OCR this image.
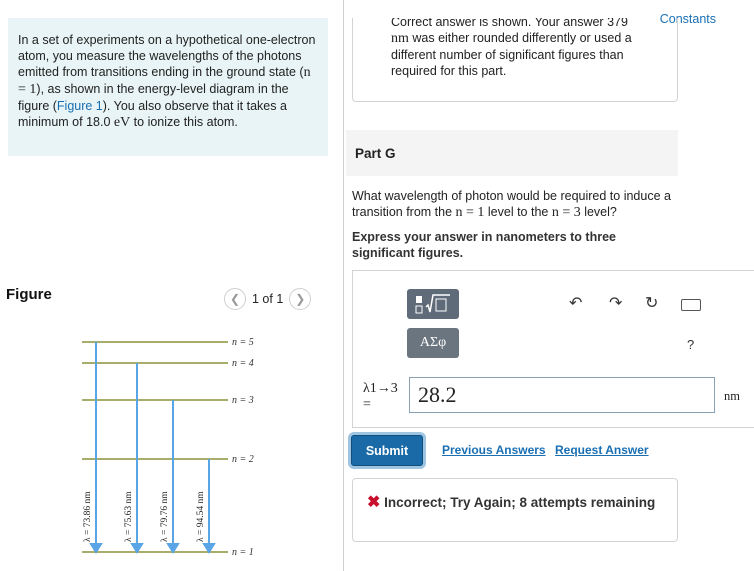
In a set of experiments on a hypothetical one-electron atom, you measure the wavelengths of the photons emitted from transitions ending in the ground state (n = 1), as shown in the energy-level diagram in the figure (Figure 1). You also observe that it takes a minimum of 18.0 eV to ionize this atom.
Figure	❮ 1 of 1 ❯
n = 5
n = 4
n = 3
n = 2
n = 1
λ = 73.86 nm	λ = 75.63 nm	λ = 79.76 nm	λ = 94.54 nm
Constants
Correct answer is shown. Your answer 379
nm was either rounded differently or used a different number of significant figures than required for this part.
Part G
What wavelength of photon would be required to induce a transition from the n = 1 level to the n = 3 level?
Express your answer in nanometers to three significant figures.
ΑΣφ
↶ ↷ ↻
?
λ1→3
=	28.2	nm
Submit	Previous Answers Request Answer
✖ Incorrect; Try Again; 8 attempts remaining
